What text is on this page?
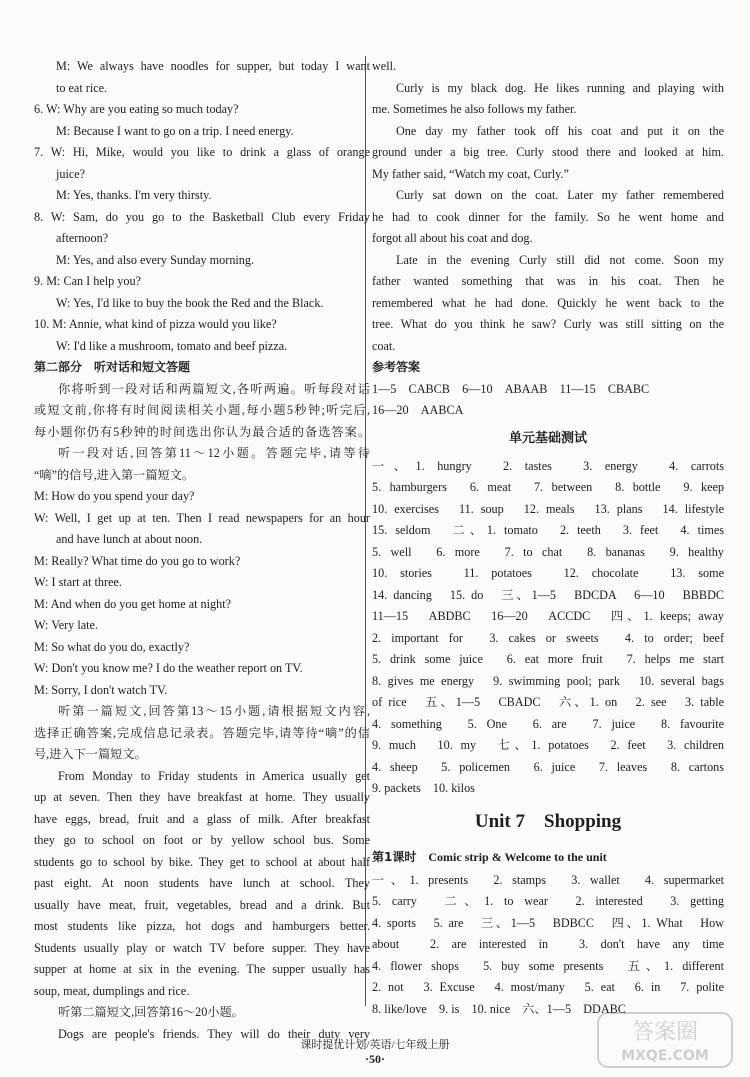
M: We always have noodles for supper, but today I want
to eat rice.
6. W: Why are you eating so much today?
M: Because I want to go on a trip. I need energy.
7. W: Hi, Mike, would you like to drink a glass of orange
juice?
M: Yes, thanks. I'm very thirsty.
8. W: Sam, do you go to the Basketball Club every Friday
afternoon?
M: Yes, and also every Sunday morning.
9. M: Can I help you?
W: Yes, I'd like to buy the book the Red and the Black.
10. M: Annie, what kind of pizza would you like?
W: I'd like a mushroom, tomato and beef pizza.
第二部分　听对话和短文答题
你将听到一段对话和两篇短文,各听两遍。听每段对话
或短文前,你将有时间阅读相关小题,每小题5秒钟;听完后,
每小题你仍有5秒钟的时间选出你认为最合适的备选答案。
听一段对话,回答第11～12小题。答题完毕,请等待
“嘀”的信号,进入第一篇短文。
M: How do you spend your day?
W: Well, I get up at ten. Then I read newspapers for an hour
and have lunch at about noon.
M: Really? What time do you go to work?
W: I start at three.
M: And when do you get home at night?
W: Very late.
M: So what do you do, exactly?
W: Don't you know me? I do the weather report on TV.
M: Sorry, I don't watch TV.
听第一篇短文,回答第13～15小题,请根据短文内容,
选择正确答案,完成信息记录表。答题完毕,请等待“嘀”的信
号,进入下一篇短文。
From Monday to Friday students in America usually get
up at seven. Then they have breakfast at home. They usually
have eggs, bread, fruit and a glass of milk. After breakfast
they go to school on foot or by yellow school bus. Some
students go to school by bike. They get to school at about half
past eight. At noon students have lunch at school. They
usually have meat, fruit, vegetables, bread and a drink. But
most students like pizza, hot dogs and hamburgers better.
Students usually play or watch TV before supper. They have
supper at home at six in the evening. The supper usually has
soup, meat, dumplings and rice.
听第二篇短文,回答第16～20小题。
Dogs are people's friends. They will do their duty very
well.
Curly is my black dog. He likes running and playing with
me. Sometimes he also follows my father.
One day my father took off his coat and put it on the
ground under a big tree. Curly stood there and looked at him.
My father said, “Watch my coat, Curly.”
Curly sat down on the coat. Later my father remembered
he had to cook dinner for the family. So he went home and
forgot all about his coat and dog.
Late in the evening Curly still did not come. Soon my
father wanted something that was in his coat. Then he
remembered what he had done. Quickly he went back to the
tree. What do you think he saw? Curly was still sitting on the
coat.
参考答案
1—5　CABCB　6—10　ABAAB　11—15　CBABC
16—20　AABCA
单元基础测试
一、1. hungry　2. tastes　3. energy　4. carrots
5. hamburgers　6. meat　7. between　8. bottle　9. keep
10. exercises　11. soup　12. meals　13. plans　14. lifestyle
15. seldom　二、1. tomato　2. teeth　3. feet　4. times
5. well　6. more　7. to chat　8. bananas　9. healthy
10. stories　11. potatoes　12. chocolate　13. some
14. dancing　15. do　三、1—5　BDCDA　6—10　BBBDC
11—15　ABDBC　16—20　ACCDC　四、1. keeps; away
2. important for　3. cakes or sweets　4. to order; beef
5. drink some juice　6. eat more fruit　7. helps me start
8. gives me energy　9. swimming pool; park　10. several bags
of rice　五、1—5　CBADC　六、1. on　2. see　3. table
4. something　5. One　6. are　7. juice　8. favourite
9. much　10. my　七、1. potatoes　2. feet　3. children
4. sheep　5. policemen　6. juice　7. leaves　8. cartons
9. packets　10. kilos
Unit 7　Shopping
第1课时　 Comic strip & Welcome to the unit
一、1. presents　2. stamps　3. wallet　4. supermarket
5. carry　二、1. to wear　2. interested　3. getting
4. sports　5. are　三、1—5　BDBCC　四、1. What　How
about　2. are interested in　3. don't have any time
4. flower shops　5. buy some presents　五、1. different
2. not　3. Excuse　4. most/many　5. eat　6. in　7. polite
8. like/love　9. is　10. nice　六、1—5　DDABC
课时提优计划/英语/七年级上册
·50·
答案圈
MXQE.COM
